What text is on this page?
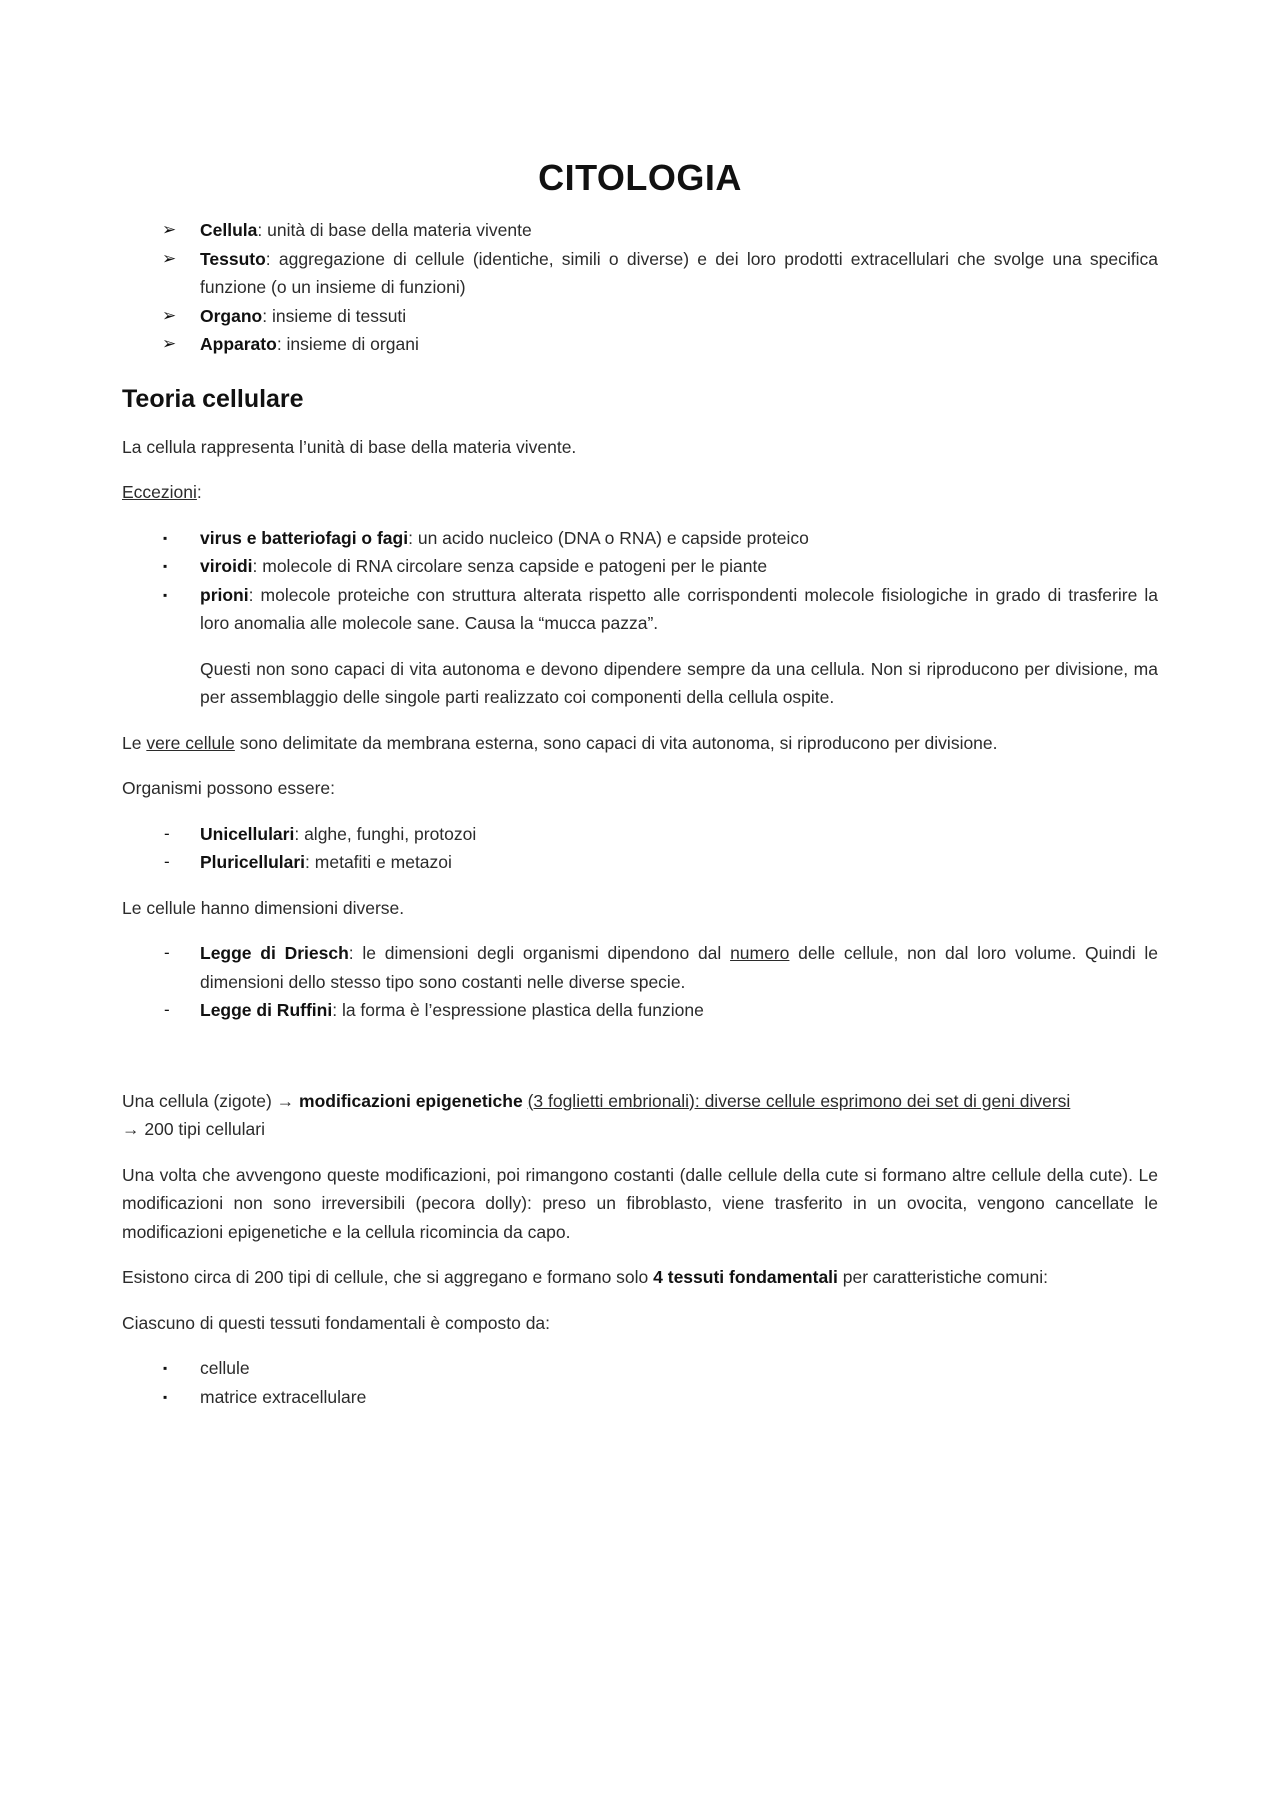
CITOLOGIA
➢ Cellula: unità di base della materia vivente
➢ Tessuto: aggregazione di cellule (identiche, simili o diverse) e dei loro prodotti extracellulari che svolge una specifica funzione (o un insieme di funzioni)
➢ Organo: insieme di tessuti
➢ Apparato: insieme di organi
Teoria cellulare

La cellula rappresenta l’unità di base della materia vivente.

Eccezioni:

▪ virus e batteriofagi o fagi: un acido nucleico (DNA o RNA) e capside proteico
▪ viroidi: molecole di RNA circolare senza capside e patogeni per le piante
▪ prioni: molecole proteiche con struttura alterata rispetto alle corrispondenti molecole fisiologiche in grado di trasferire la loro anomalia alle molecole sane. Causa la “mucca pazza”.

Questi non sono capaci di vita autonoma e devono dipendere sempre da una cellula. Non si riproducono per divisione, ma per assemblaggio delle singole parti realizzato coi componenti della cellula ospite.

Le vere cellule sono delimitate da membrana esterna, sono capaci di vita autonoma, si riproducono per divisione.

Organismi possono essere:

- Unicellulari: alghe, funghi, protozoi
- Pluricellulari: metafiti e metazoi

Le cellule hanno dimensioni diverse.

- Legge di Driesch: le dimensioni degli organismi dipendono dal numero delle cellule, non dal loro volume. Quindi le dimensioni dello stesso tipo sono costanti nelle diverse specie.
- Legge di Ruffini: la forma è l’espressione plastica della funzione

Una cellula (zigote) → modificazioni epigenetiche (3 foglietti embrionali): diverse cellule esprimono dei set di geni diversi
→ 200 tipi cellulari

Una volta che avvengono queste modificazioni, poi rimangono costanti (dalle cellule della cute si formano altre cellule della cute). Le modificazioni non sono irreversibili (pecora dolly): preso un fibroblasto, viene trasferito in un ovocita, vengono cancellate le modificazioni epigenetiche e la cellula ricomincia da capo.

Esistono circa di 200 tipi di cellule, che si aggregano e formano solo 4 tessuti fondamentali per caratteristiche comuni:

Ciascuno di questi tessuti fondamentali è composto da:

▪ cellule
▪ matrice extracellulare
